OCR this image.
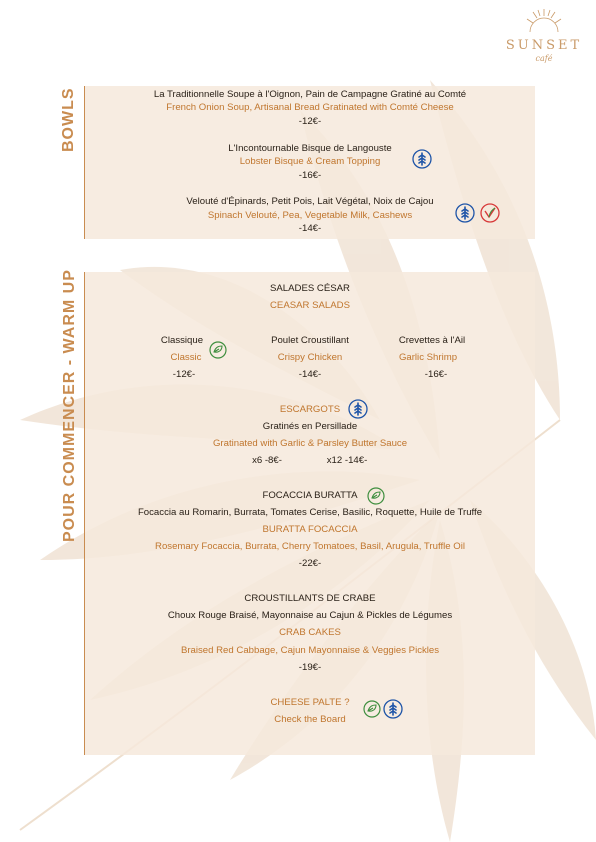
SUNSET
café
BOWLS	La Traditionnelle Soupe à l'Oignon, Pain de Campagne Gratiné au Comté
French Onion Soup, Artisanal Bread Gratinated with Comté Cheese
-12€-
L'Incontournable Bisque de Langouste
Lobster Bisque & Cream Topping
-16€-
Velouté d'Épinards, Petit Pois, Lait Végétal, Noix de Cajou
Spinach Velouté, Pea, Vegetable Milk, Cashews
-14€-
POUR COMMENCER - WARM UP	SALADES CÉSAR
CEASAR SALADS
Classique
Classic
-12€-
Poulet Croustillant
Crispy Chicken
-14€-
Crevettes à l'Ail
Garlic Shrimp
-16€-
ESCARGOTS
Gratinés en Persillade
Gratinated with Garlic & Parsley Butter Sauce
x6 -8€-	x12 -14€-
FOCACCIA BURATTA
Focaccia au Romarin, Burrata, Tomates Cerise, Basilic, Roquette, Huile de Truffe
BURATTA FOCACCIA
Rosemary Focaccia, Burrata, Cherry Tomatoes, Basil, Arugula, Truffle Oil
-22€-
CROUSTILLANTS DE CRABE
Choux Rouge Braisé, Mayonnaise au Cajun & Pickles de Légumes
CRAB CAKES
Braised Red Cabbage, Cajun Mayonnaise & Veggies Pickles
-19€-
CHEESE PALTE ?
Check the Board
